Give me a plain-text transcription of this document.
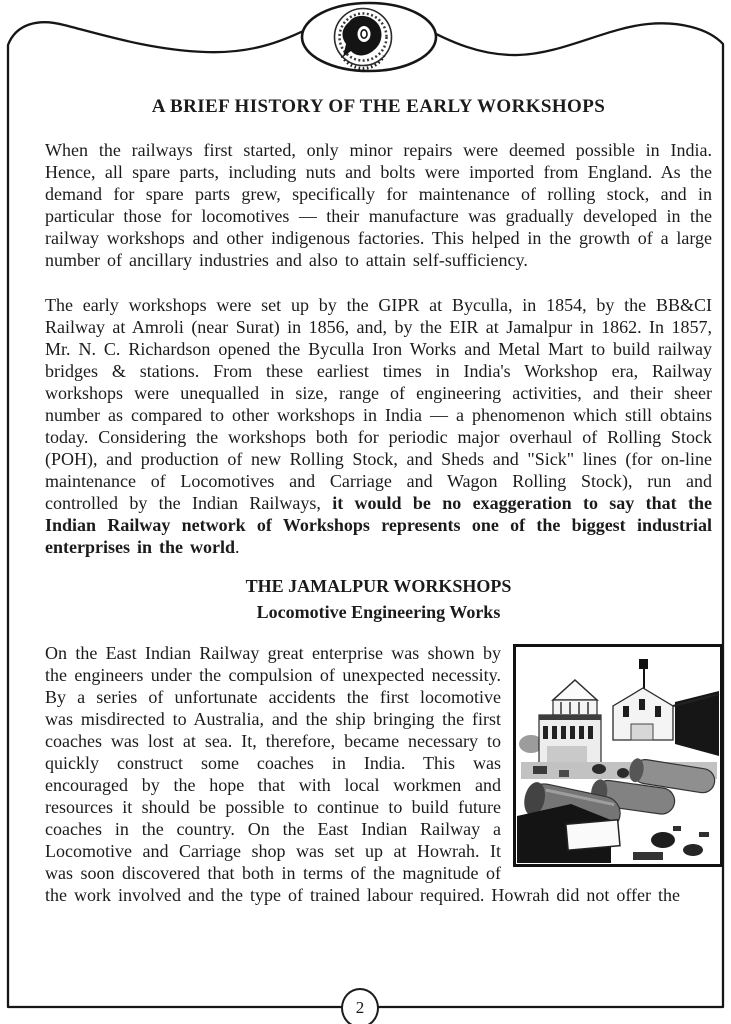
A BRIEF HISTORY OF THE EARLY WORKSHOPS

When the railways first started, only minor repairs were deemed possible in India. Hence, all spare parts, including nuts and bolts were imported from England. As the demand for spare parts grew, specifically for maintenance of rolling stock, and in particular those for locomotives — their manufacture was gradually developed in the railway workshops and other indigenous factories. This helped in the growth of a large number of ancillary industries and also to attain self-sufficiency.

The early workshops were set up by the GIPR at Byculla, in 1854, by the BB&CI Railway at Amroli (near Surat) in 1856, and, by the EIR at Jamalpur in 1862. In 1857, Mr. N. C. Richardson opened the Byculla Iron Works and Metal Mart to build railway bridges & stations. From these earliest times in India's Workshop era, Railway workshops were unequalled in size, range of engineering activities, and their sheer number as compared to other workshops in India — a phenomenon which still obtains today. Considering the workshops both for periodic major overhaul of Rolling Stock (POH), and production of new Rolling Stock, and Sheds and "Sick" lines (for on-line maintenance of Locomotives and Carriage and Wagon Rolling Stock), run and controlled by the Indian Railways, it would be no exaggeration to say that the Indian Railway network of Workshops represents one of the biggest industrial enterprises in the world.

THE JAMALPUR WORKSHOPS
Locomotive Engineering Works

On the East Indian Railway great enterprise was shown by the engineers under the compulsion of unexpected necessity. By a series of unfortunate accidents the first locomotive was misdirected to Australia, and the ship bringing the first coaches was lost at sea. It, therefore, became necessary to quickly construct some coaches in India. This was encouraged by the hope that with local workmen and resources it should be possible to continue to build future coaches in the country. On the East Indian Railway a Locomotive and Carriage shop was set up at Howrah. It was soon discovered that both in terms of the magnitude of the work involved and the type of trained labour required. Howrah did not offer the

2
